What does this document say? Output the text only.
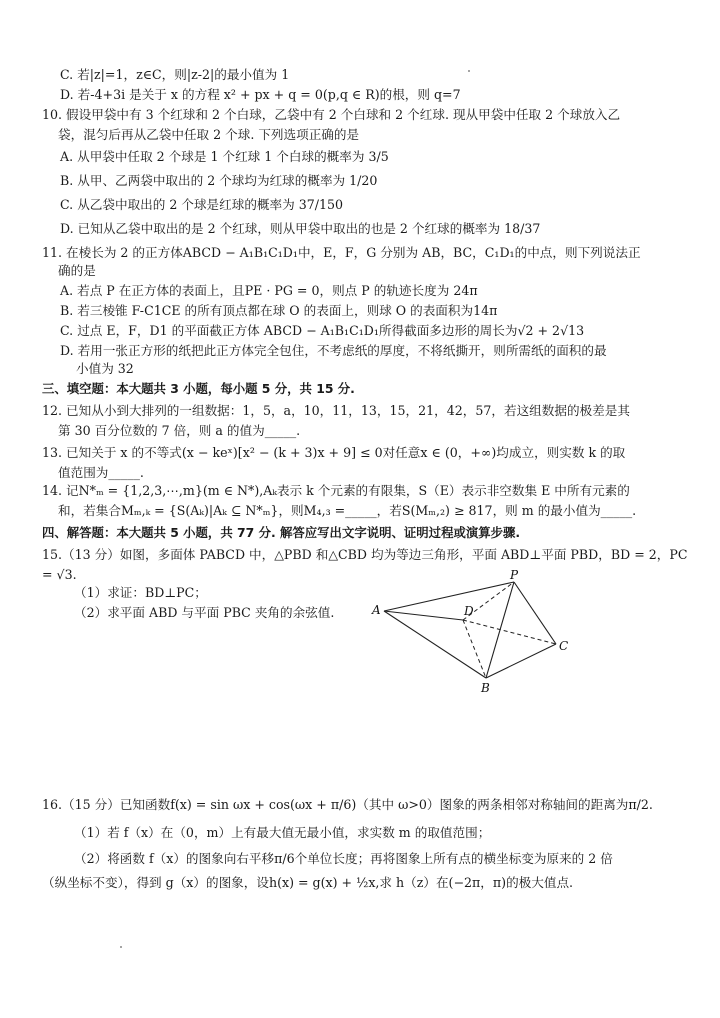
C. 若|z|=1，z∈C，则|z-2|的最小值为 1
D. 若-4+3i 是关于 x 的方程 x² + px + q = 0(p,q ∈ R)的根，则 q=7
10. 假设甲袋中有 3 个红球和 2 个白球，乙袋中有 2 个白球和 2 个红球. 现从甲袋中任取 2 个球放入乙
袋，混匀后再从乙袋中任取 2 个球. 下列选项正确的是
A. 从甲袋中任取 2 个球是 1 个红球 1 个白球的概率为 3/5
B. 从甲、乙两袋中取出的 2 个球均为红球的概率为 1/20
C. 从乙袋中取出的 2 个球是红球的概率为 37/150
D. 已知从乙袋中取出的是 2 个红球，则从甲袋中取出的也是 2 个红球的概率为 18/37
11. 在棱长为 2 的正方体ABCD − A₁B₁C₁D₁中，E，F，G 分别为 AB，BC，C₁D₁的中点，则下列说法正
确的是
A. 若点 P 在正方体的表面上，且PE · PG = 0，则点 P 的轨迹长度为 24π
B. 若三棱锥 F-C1CE 的所有顶点都在球 O 的表面上，则球 O 的表面积为14π
C. 过点 E，F，D1 的平面截正方体 ABCD − A₁B₁C₁D₁所得截面多边形的周长为√2 + 2√13
D. 若用一张正方形的纸把此正方体完全包住，不考虑纸的厚度，不将纸撕开，则所需纸的面积的最
小值为 32
三、填空题：本大题共 3 小题，每小题 5 分，共 15 分.
12. 已知从小到大排列的一组数据：1，5，a，10，11，13，15，21，42，57，若这组数据的极差是其
第 30 百分位数的 7 倍，则 a 的值为_____.
13. 已知关于 x 的不等式(x − keˣ)[x² − (k + 3)x + 9] ≤ 0对任意x ∈ (0，+∞)均成立，则实数 k 的取
值范围为_____.
14. 记N*ₘ = {1,2,3,⋯,m}(m ∈ N*),Aₖ表示 k 个元素的有限集，S（E）表示非空数集 E 中所有元素的
和，若集合Mₘ,ₖ = {S(Aₖ)|Aₖ ⊆ N*ₘ}，则M₄,₃ =_____，若S(Mₘ,₂) ≥ 817，则 m 的最小值为_____.
四、解答题：本大题共 5 小题，共 77 分. 解答应写出文字说明、证明过程或演算步骤.
15.（13 分）如图，多面体 PABCD 中，△PBD 和△CBD 均为等边三角形，平面 ABD⊥平面 PBD，BD = 2，PC
= √3.
（1）求证：BD⊥PC；
（2）求平面 ABD 与平面 PBC 夹角的余弦值.
P
A	D
C
B
16.（15 分）已知函数f(x) = sin ωx + cos(ωx + π/6)（其中 ω>0）图象的两条相邻对称轴间的距离为π/2.
（1）若 f（x）在（0，m）上有最大值无最小值，求实数 m 的取值范围；
（2）将函数 f（x）的图象向右平移π/6个单位长度；再将图象上所有点的横坐标变为原来的 2 倍
（纵坐标不变），得到 g（x）的图象，设h(x) = g(x) + ½x,求 h（z）在(−2π，π)的极大值点.
